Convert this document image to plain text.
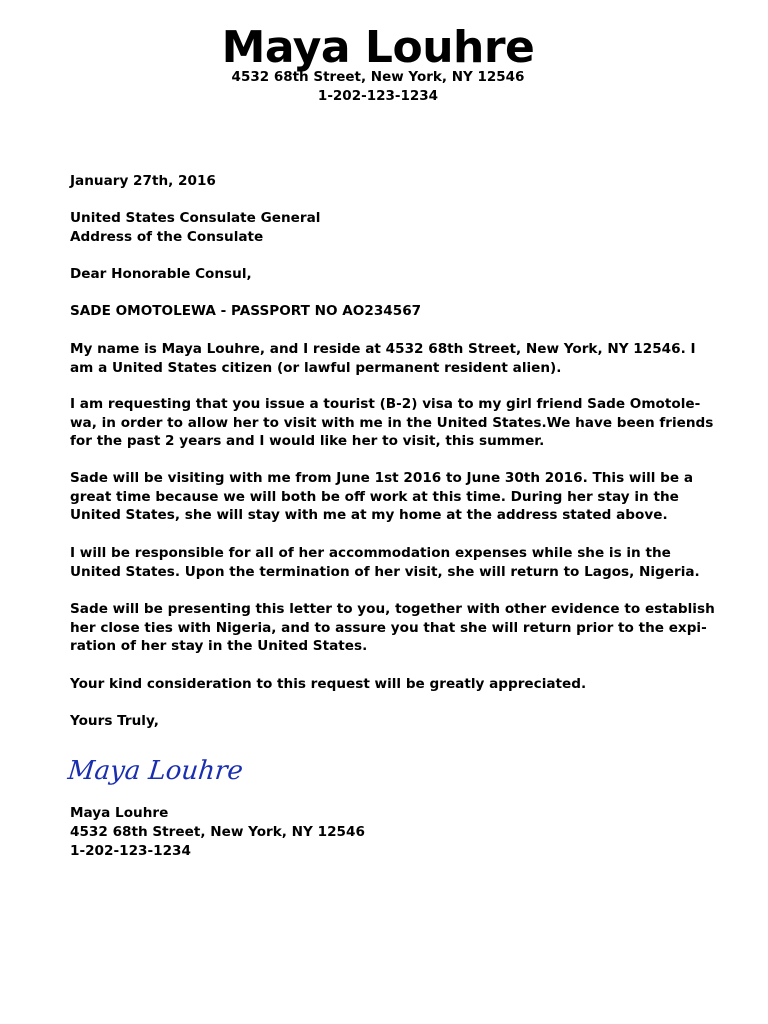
Maya Louhre
4532 68th Street, New York, NY 12546
1-202-123-1234
January 27th, 2016
United States Consulate General
Address of the Consulate
Dear Honorable Consul,
SADE OMOTOLEWA - PASSPORT NO AO234567
My name is Maya Louhre, and I reside at 4532 68th Street, New York, NY 12546. I
am a United States citizen (or lawful permanent resident alien).
I am requesting that you issue a tourist (B-2) visa to my girl friend Sade Omotole-
wa, in order to allow her to visit with me in the United States.We have been friends
for the past 2 years and I would like her to visit, this summer.
Sade will be visiting with me from June 1st 2016 to June 30th 2016. This will be a
great time because we will both be off work at this time. During her stay in the
United States, she will stay with me at my home at the address stated above.
I will be responsible for all of her accommodation expenses while she is in the
United States. Upon the termination of her visit, she will return to Lagos, Nigeria.
Sade will be presenting this letter to you, together with other evidence to establish
her close ties with Nigeria, and to assure you that she will return prior to the expi-
ration of her stay in the United States.
Your kind consideration to this request will be greatly appreciated.
Yours Truly,
Maya Louhre
Maya Louhre
4532 68th Street, New York, NY 12546
1-202-123-1234
